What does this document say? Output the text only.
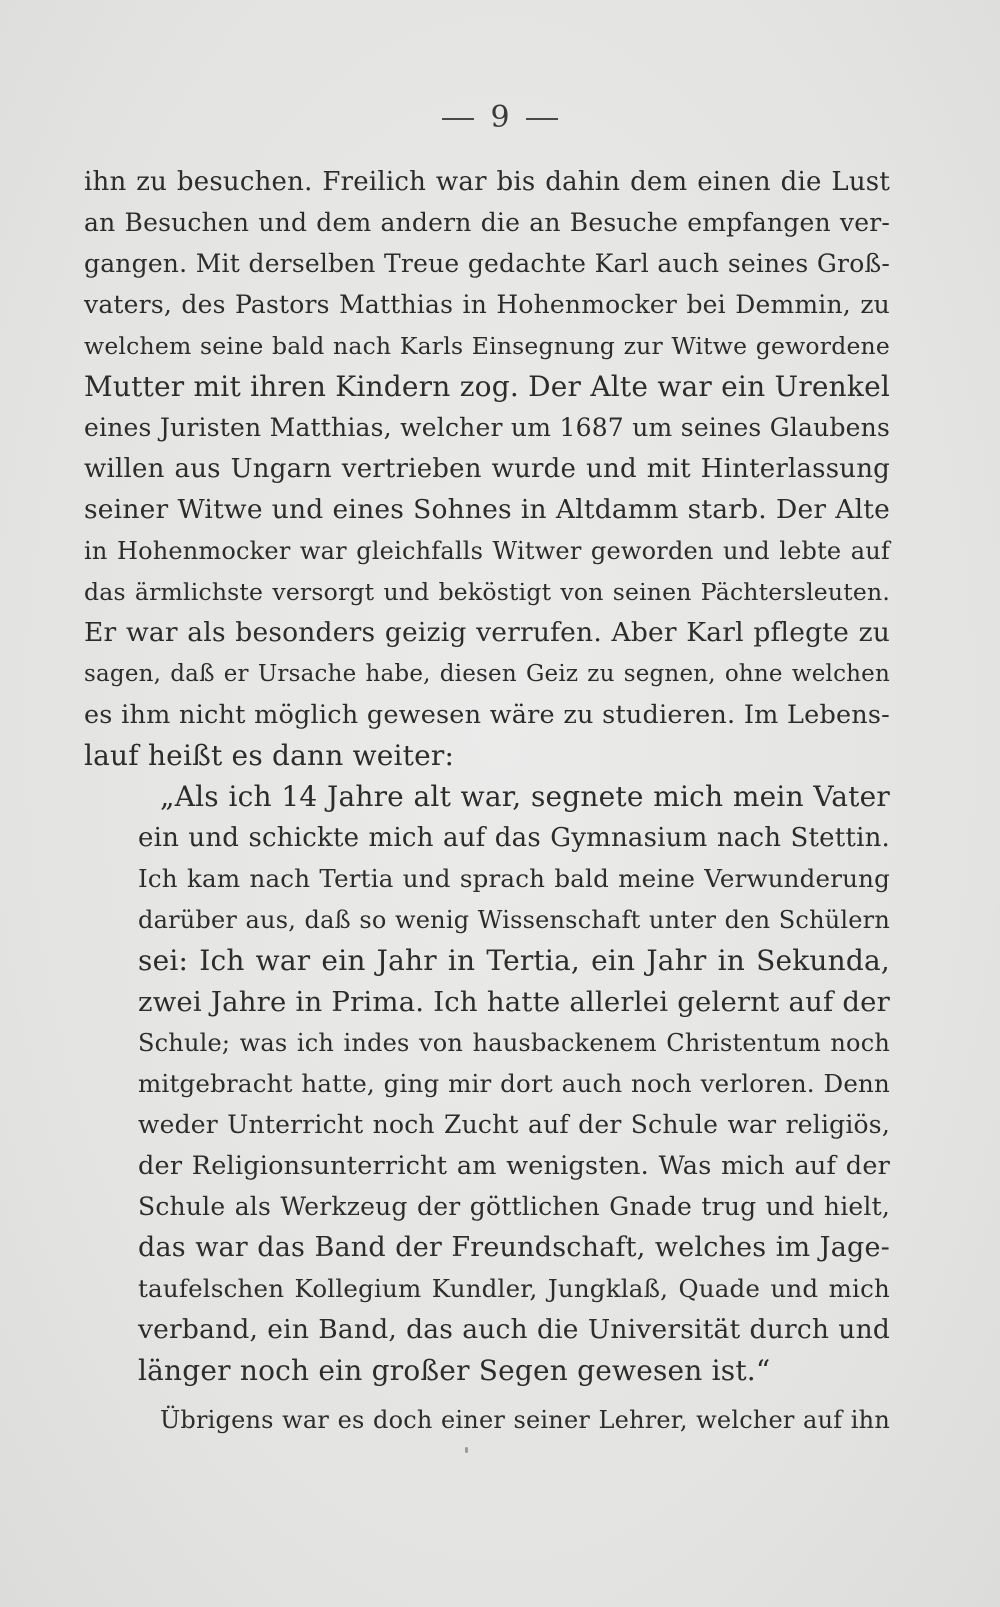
9
ihn zu besuchen. Freilich war bis dahin dem einen die Lust
an Besuchen und dem andern die an Besuche empfangen ver-
gangen. Mit derselben Treue gedachte Karl auch seines Groß-
vaters, des Pastors Matthias in Hohenmocker bei Demmin, zu
welchem seine bald nach Karls Einsegnung zur Witwe gewordene
Mutter mit ihren Kindern zog. Der Alte war ein Urenkel
eines Juristen Matthias, welcher um 1687 um seines Glaubens
willen aus Ungarn vertrieben wurde und mit Hinterlassung
seiner Witwe und eines Sohnes in Altdamm starb. Der Alte
in Hohenmocker war gleichfalls Witwer geworden und lebte auf
das ärmlichste versorgt und beköstigt von seinen Pächtersleuten.
Er war als besonders geizig verrufen. Aber Karl pflegte zu
sagen, daß er Ursache habe, diesen Geiz zu segnen, ohne welchen
es ihm nicht möglich gewesen wäre zu studieren. Im Lebens-
lauf heißt es dann weiter:
„Als ich 14 Jahre alt war, segnete mich mein Vater
ein und schickte mich auf das Gymnasium nach Stettin.
Ich kam nach Tertia und sprach bald meine Verwunderung
darüber aus, daß so wenig Wissenschaft unter den Schülern
sei: Ich war ein Jahr in Tertia, ein Jahr in Sekunda,
zwei Jahre in Prima. Ich hatte allerlei gelernt auf der
Schule; was ich indes von hausbackenem Christentum noch
mitgebracht hatte, ging mir dort auch noch verloren. Denn
weder Unterricht noch Zucht auf der Schule war religiös,
der Religionsunterricht am wenigsten. Was mich auf der
Schule als Werkzeug der göttlichen Gnade trug und hielt,
das war das Band der Freundschaft, welches im Jage-
taufelschen Kollegium Kundler, Jungklaß, Quade und mich
verband, ein Band, das auch die Universität durch und
länger noch ein großer Segen gewesen ist.“
Übrigens war es doch einer seiner Lehrer, welcher auf ihn
